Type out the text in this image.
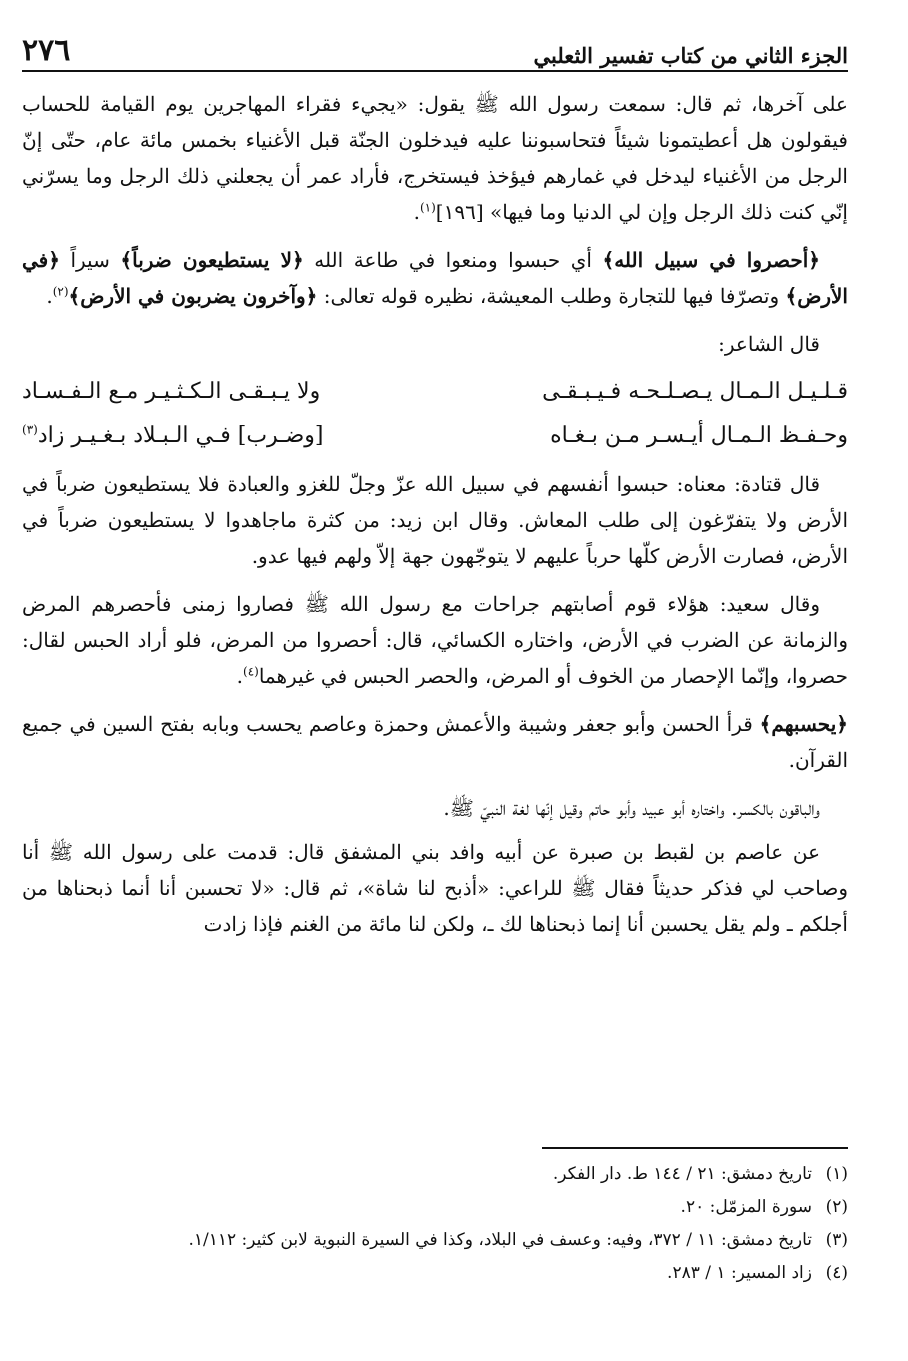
٢٧٦	الجزء الثاني من كتاب تفسير الثعلبي

على آخرها، ثم قال: سمعت رسول الله ﷺ يقول: «يجيء فقراء المهاجرين يوم القيامة للحساب فيقولون هل أعطيتمونا شيئاً فتحاسبوننا عليه فيدخلون الجنّة قبل الأغنياء بخمس مائة عام، حتّى إنّ الرجل من الأغنياء ليدخل في غمارهم فيؤخذ فيستخرج، فأراد عمر أن يجعلني ذلك الرجل وما يسرّني إنّي كنت ذلك الرجل وإن لي الدنيا وما فيها» [١٩٦]$^{(١)}$.

﴿أحصروا في سبيل الله﴾ أي حبسوا ومنعوا في طاعة الله ﴿لا يستطيعون ضرباً﴾ سيراً ﴿في الأرض﴾ وتصرّفا فيها للتجارة وطلب المعيشة، نظيره قوله تعالى: ﴿وآخرون يضربون في الأرض﴾$^{(٢)}$.

قال الشاعر:

قـلـيـل الـمـال يـصـلـحـه فـيـبـقـى
ولا يـبـقـى الـكـثـيـر مـع الـفـسـاد
وحـفـظ الـمـال أيـسـر مـن بـغـاه
[وضـرب] فـي الـبـلاد بـغـيـر زاد$^{(٣)}$

قال قتادة: معناه: حبسوا أنفسهم في سبيل الله عزّ وجلّ للغزو والعبادة فلا يستطيعون ضرباً في الأرض ولا يتفرّغون إلى طلب المعاش. وقال ابن زيد: من كثرة ماجاهدوا لا يستطيعون ضرباً في الأرض، فصارت الأرض كلّها حرباً عليهم لا يتوجّهون جهة إلاّ ولهم فيها عدو.

وقال سعيد: هؤلاء قوم أصابتهم جراحات مع رسول الله ﷺ فصاروا زمنى فأحصرهم المرض والزمانة عن الضرب في الأرض، واختاره الكسائي، قال: أحصروا من المرض، فلو أراد الحبس لقال: حصروا، وإنّما الإحصار من الخوف أو المرض، والحصر الحبس في غيرهما$^{(٤)}$.

﴿يحسبهم﴾ قرأ الحسن وأبو جعفر وشيبة والأعمش وحمزة وعاصم يحسب وبابه بفتح السين في جميع القرآن.

والباقون بالكسر. واختاره أبو عبيد وأبو حاتم وقيل إنّها لغة النبيّ ﷺ.

عن عاصم بن لقبط بن صبرة عن أبيه وافد بني المشفق قال: قدمت على رسول الله ﷺ أنا وصاحب لي فذكر حديثاً فقال ﷺ للراعي: «أذبح لنا شاة»، ثم قال: «لا تحسبن أنا أنما ذبحناها من أجلكم ـ ولم يقل يحسبن أنا إنما ذبحناها لك ـ، ولكن لنا مائة من الغنم فإذا زادت

(١)
تاريخ دمشق: ٢١ / ١٤٤ ط. دار الفكر.
(٢)
سورة المزمّل: ٢٠.
(٣)
تاريخ دمشق: ١١ / ٣٧٢، وفيه: وعسف في البلاد، وكذا في السيرة النبوية لابن كثير: ١/١١٢.
(٤)
زاد المسير: ١ / ٢٨٣.
